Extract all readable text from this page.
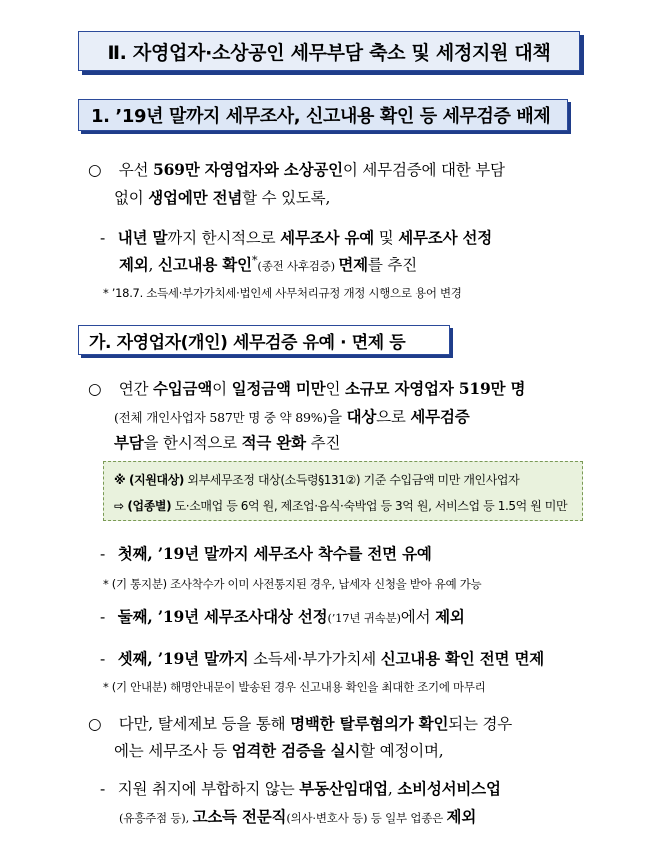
Ⅱ. 자영업자·소상공인 세무부담 축소 및 세정지원 대책
1. ’19년 말까지 세무조사, 신고내용 확인 등 세무검증 배제
○ 우선 569만 자영업자와 소상공인이 세무검증에 대한 부담
없이 생업에만 전념할 수 있도록,
- 내년 말까지 한시적으로 세무조사 유예 및 세무조사 선정
제외, 신고내용 확인*(종전 사후검증) 면제를 추진
* ’18.7. 소득세·부가가치세·법인세 사무처리규정 개정 시행으로 용어 변경
가. 자영업자(개인) 세무검증 유예 · 면제 등
○ 연간 수입금액이 일정금액 미만인 소규모 자영업자 519만 명
(전체 개인사업자 587만 명 중 약 89%)을 대상으로 세무검증
부담을 한시적으로 적극 완화 추진
※ (지원대상) 외부세무조정 대상(소득령§131②) 기준 수입금액 미만 개인사업자
⇨ (업종별) 도·소매업 등 6억 원, 제조업·음식·숙박업 등 3억 원, 서비스업 등 1.5억 원 미만
- 첫째, ’19년 말까지 세무조사 착수를 전면 유예
* (기 통지분) 조사착수가 이미 사전통지된 경우, 납세자 신청을 받아 유예 가능
- 둘째, ’19년 세무조사대상 선정(’17년 귀속분)에서 제외
- 셋째, ’19년 말까지 소득세·부가가치세 신고내용 확인 전면 면제
* (기 안내분) 해명안내문이 발송된 경우 신고내용 확인을 최대한 조기에 마무리
○ 다만, 탈세제보 등을 통해 명백한 탈루혐의가 확인되는 경우
에는 세무조사 등 엄격한 검증을 실시할 예정이며,
- 지원 취지에 부합하지 않는 부동산임대업, 소비성서비스업
(유흥주점 등), 고소득 전문직(의사·변호사 등) 등 일부 업종은 제외
